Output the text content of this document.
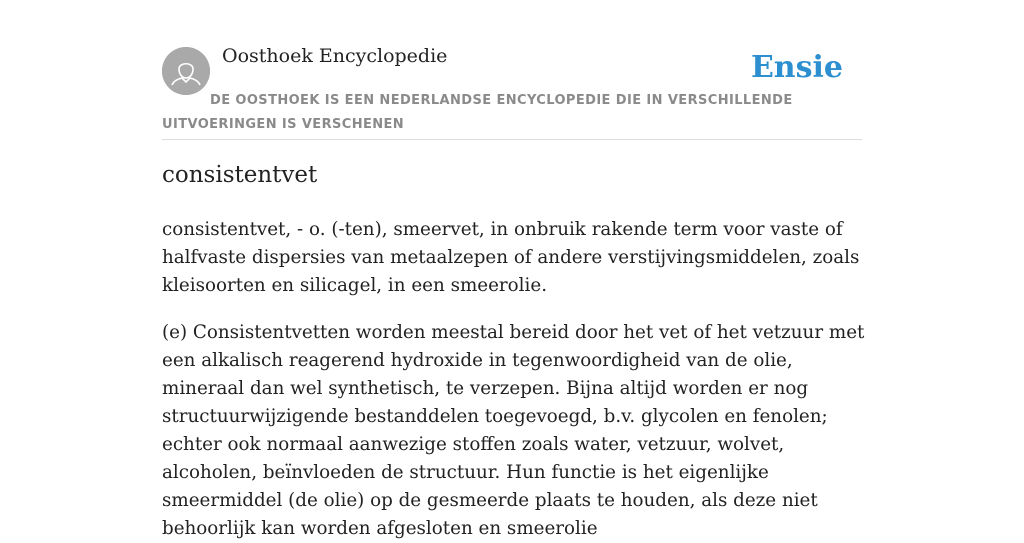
Oosthoek Encyclopedie	Ensie
DE OOSTHOEK IS EEN NEDERLANDSE ENCYCLOPEDIE DIE IN VERSCHILLENDE UITVOERINGEN IS VERSCHENEN
consistentvet

consistentvet, - o. (-ten), smeervet, in onbruik rakende term voor vaste of halfvaste dispersies van metaalzepen of andere verstijvingsmiddelen, zoals kleisoorten en silicagel, in een smeerolie.

(e) Consistentvetten worden meestal bereid door het vet of het vetzuur met een alkalisch reagerend hydroxide in tegenwoordigheid van de olie, mineraal dan wel synthetisch, te verzepen. Bijna altijd worden er nog structuurwijzigende bestanddelen toegevoegd, b.v. glycolen en fenolen; echter ook normaal aanwezige stoffen zoals water, vetzuur, wolvet, alcoholen, beïnvloeden de structuur. Hun functie is het eigenlijke smeermiddel (de olie) op de gesmeerde plaats te houden, als deze niet behoorlijk kan worden afgesloten en smeerolie
